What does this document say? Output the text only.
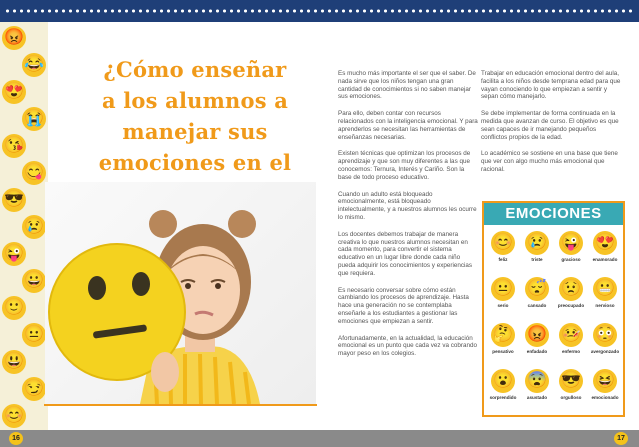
😡
😂
😍
😭
😘
😋
😎
😢
😜
😀
🙂
😐
😃
😏
😊
¿Cómo enseñar
a los alumnos a
manejar sus
emociones en el

Es mucho más importante el ser que el saber. De nada sirve que los niños tengan una gran cantidad de conocimientos si no saben manejar sus emociones.

Para ello, deben contar con recursos relacionados con la inteligencia emocional. Y para aprenderlos se necesitan las herramientas de enseñanzas necesarias.

Existen técnicas que optimizan los procesos de aprendizaje y que son muy diferentes a las que conocemos: Ternura, Interés y Cariño. Son la base de todo proceso educativo.

Cuando un adulto está bloqueado emocionalmente, está bloqueado intelectualmente, y a nuestros alumnos les ocurre lo mismo.

Los docentes debemos trabajar de manera creativa lo que nuestros alumnos necesitan en cada momento, para convertir el sistema educativo en un lugar libre donde cada niño pueda adquirir los conocimientos y experiencias que requiera.

Es necesario conversar sobre cómo están cambiando los procesos de aprendizaje. Hasta hace una generación no se contemplaba enseñarle a los estudiantes a gestionar las emociones que empiezan a sentir.

Afortunadamente, en la actualidad, la educación emocional es un punto que cada vez va cobrando mayor peso en los colegios.

Trabajar en educación emocional dentro del aula, facilita a los niños desde temprana edad para que vayan conociendo lo que empiezan a sentir y sepan cómo manejarlo.

Se debe implementar de forma continuada en la medida que avanzan de curso. El objetivo es que sean capaces de ir manejando pequeños conflictos propios de la edad.

Lo académico se sostiene en una base que tiene que ver con algo mucho más emocional que racional.

EMOCIONES
😊
feliz
😢
triste
😜
gracioso
😍
enamorado
😐
serio
😴
cansado
😟
preocupado
😬
nervioso
🤔
pensativo
😡
enfadado
🤒
enfermo
😳
avergonzado
😮
sorprendido
😨
asustado
😎
orgulloso
😆
emocionado
16	17
